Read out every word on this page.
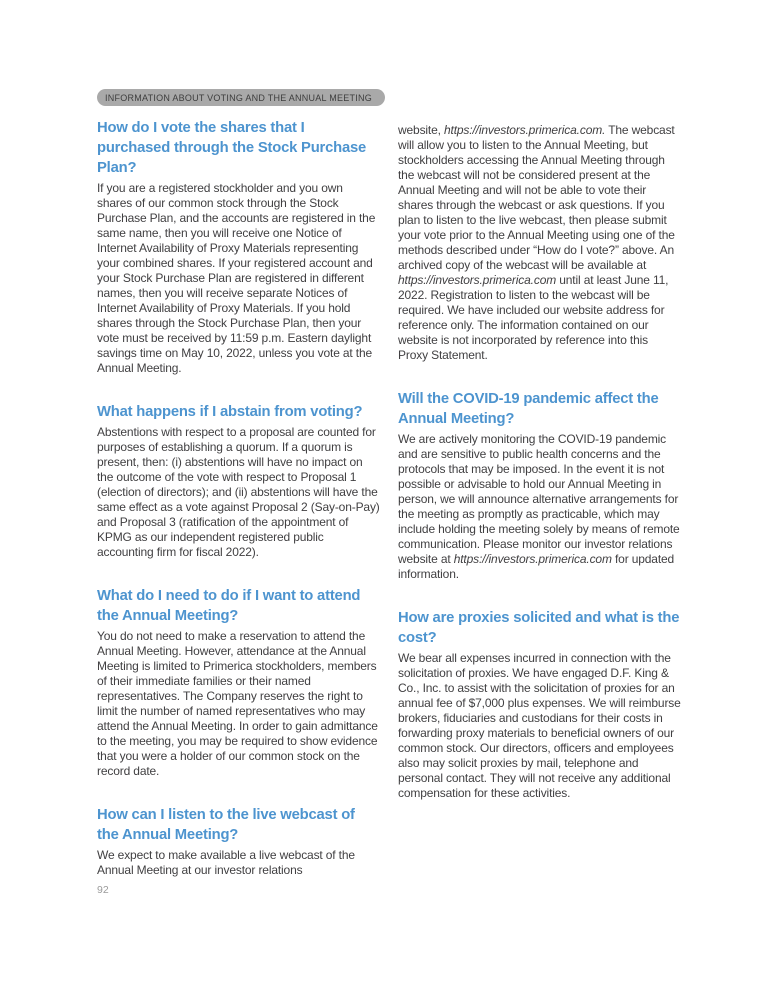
INFORMATION ABOUT VOTING AND THE ANNUAL MEETING
How do I vote the shares that I purchased through the Stock Purchase Plan?

If you are a registered stockholder and you own shares of our common stock through the Stock Purchase Plan, and the accounts are registered in the same name, then you will receive one Notice of Internet Availability of Proxy Materials representing your combined shares. If your registered account and your Stock Purchase Plan are registered in different names, then you will receive separate Notices of Internet Availability of Proxy Materials. If you hold shares through the Stock Purchase Plan, then your vote must be received by 11:59 p.m. Eastern daylight savings time on May 10, 2022, unless you vote at the Annual Meeting.

What happens if I abstain from voting?

Abstentions with respect to a proposal are counted for purposes of establishing a quorum. If a quorum is present, then: (i) abstentions will have no impact on the outcome of the vote with respect to Proposal 1 (election of directors); and (ii) abstentions will have the same effect as a vote against Proposal 2 (Say-on-Pay) and Proposal 3 (ratification of the appointment of KPMG as our independent registered public accounting firm for fiscal 2022).

What do I need to do if I want to attend the Annual Meeting?

You do not need to make a reservation to attend the Annual Meeting. However, attendance at the Annual Meeting is limited to Primerica stockholders, members of their immediate families or their named representatives. The Company reserves the right to limit the number of named representatives who may attend the Annual Meeting. In order to gain admittance to the meeting, you may be required to show evidence that you were a holder of our common stock on the record date.

How can I listen to the live webcast of the Annual Meeting?

We expect to make available a live webcast of the Annual Meeting at our investor relations

website, https://investors.primerica.com. The webcast will allow you to listen to the Annual Meeting, but stockholders accessing the Annual Meeting through the webcast will not be considered present at the Annual Meeting and will not be able to vote their shares through the webcast or ask questions. If you plan to listen to the live webcast, then please submit your vote prior to the Annual Meeting using one of the methods described under “How do I vote?” above. An archived copy of the webcast will be available at https://investors.primerica.com until at least June 11, 2022. Registration to listen to the webcast will be required. We have included our website address for reference only. The information contained on our website is not incorporated by reference into this Proxy Statement.

Will the COVID-19 pandemic affect the Annual Meeting?

We are actively monitoring the COVID-19 pandemic and are sensitive to public health concerns and the protocols that may be imposed. In the event it is not possible or advisable to hold our Annual Meeting in person, we will announce alternative arrangements for the meeting as promptly as practicable, which may include holding the meeting solely by means of remote communication. Please monitor our investor relations website at https://investors.primerica.com for updated information.

How are proxies solicited and what is the cost?

We bear all expenses incurred in connection with the solicitation of proxies. We have engaged D.F. King & Co., Inc. to assist with the solicitation of proxies for an annual fee of $7,000 plus expenses. We will reimburse brokers, fiduciaries and custodians for their costs in forwarding proxy materials to beneficial owners of our common stock. Our directors, officers and employees also may solicit proxies by mail, telephone and personal contact. They will not receive any additional compensation for these activities.

92
